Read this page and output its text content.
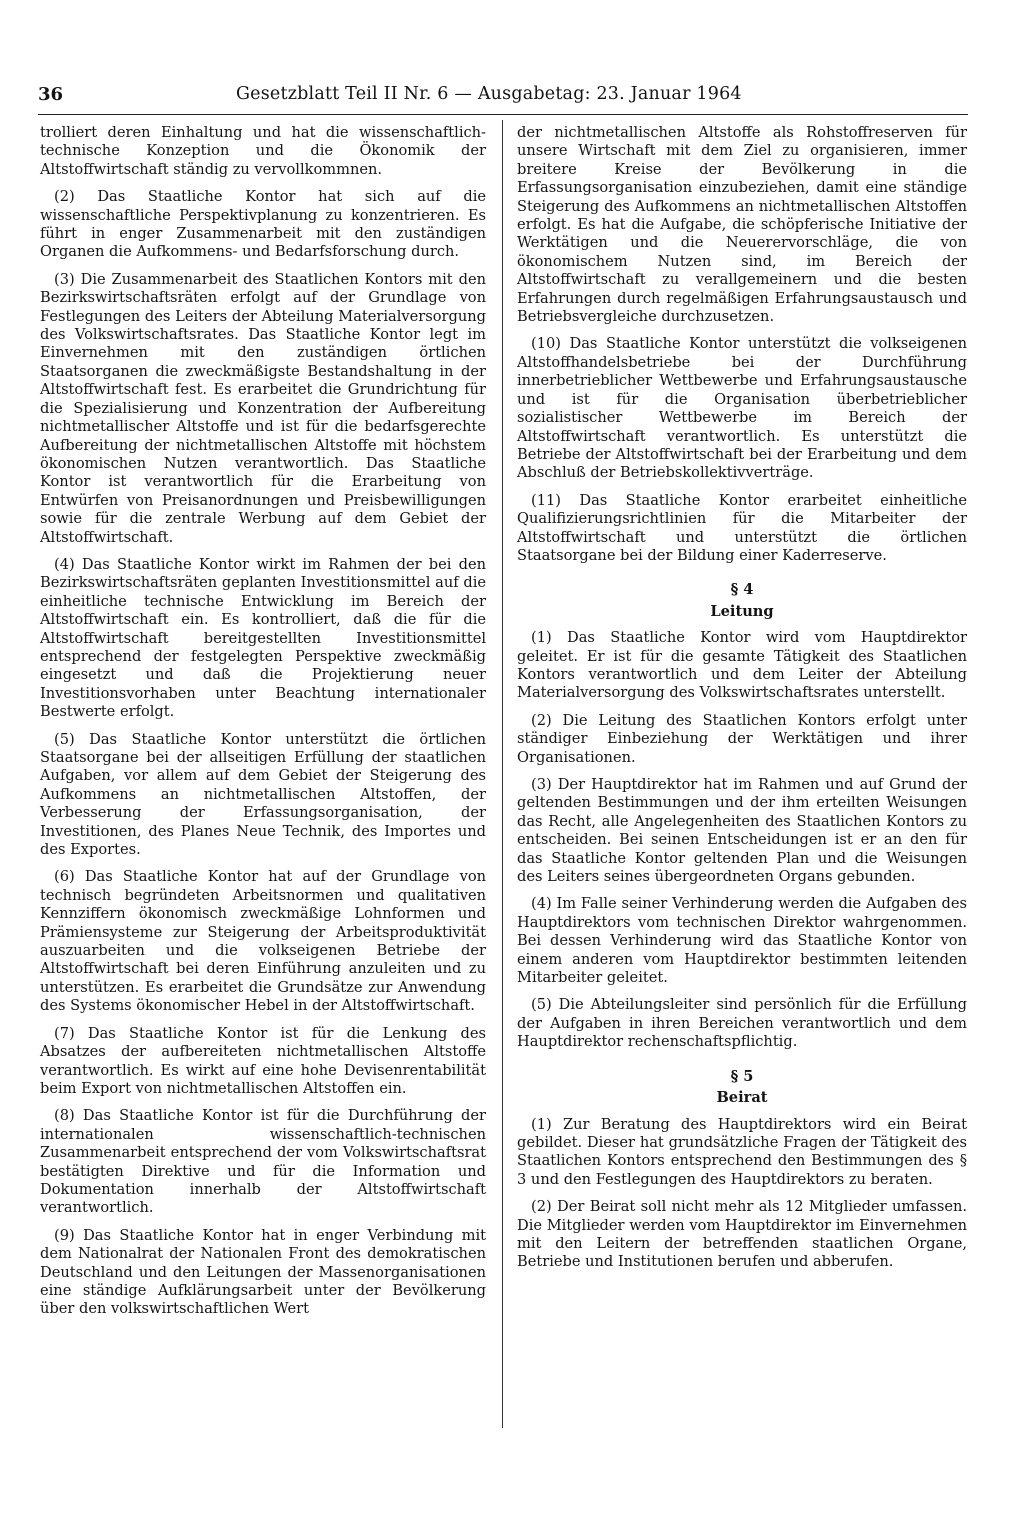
36	Gesetzblatt Teil II Nr. 6 — Ausgabetag: 23. Januar 1964

trolliert deren Einhaltung und hat die wissenschaftlich-technische Konzeption und die Ökonomik der Altstoffwirtschaft ständig zu vervollkommnen.

(2) Das Staatliche Kontor hat sich auf die wissenschaftliche Perspektivplanung zu konzentrieren. Es führt in enger Zusammenarbeit mit den zuständigen Organen die Aufkommens- und Bedarfsforschung durch.

(3) Die Zusammenarbeit des Staatlichen Kontors mit den Bezirkswirtschaftsräten erfolgt auf der Grundlage von Festlegungen des Leiters der Abteilung Materialversorgung des Volkswirtschaftsrates. Das Staatliche Kontor legt im Einvernehmen mit den zuständigen örtlichen Staatsorganen die zweckmäßigste Bestandshaltung in der Altstoffwirtschaft fest. Es erarbeitet die Grundrichtung für die Spezialisierung und Konzentration der Aufbereitung nichtmetallischer Altstoffe und ist für die bedarfsgerechte Aufbereitung der nichtmetallischen Altstoffe mit höchstem ökonomischen Nutzen verantwortlich. Das Staatliche Kontor ist verantwortlich für die Erarbeitung von Entwürfen von Preisanordnungen und Preisbewilligungen sowie für die zentrale Werbung auf dem Gebiet der Altstoffwirtschaft.

(4) Das Staatliche Kontor wirkt im Rahmen der bei den Bezirkswirtschaftsräten geplanten Investitionsmittel auf die einheitliche technische Entwicklung im Bereich der Altstoffwirtschaft ein. Es kontrolliert, daß die für die Altstoffwirtschaft bereitgestellten Investitionsmittel entsprechend der festgelegten Perspektive zweckmäßig eingesetzt und daß die Projektierung neuer Investitionsvorhaben unter Beachtung internationaler Bestwerte erfolgt.

(5) Das Staatliche Kontor unterstützt die örtlichen Staatsorgane bei der allseitigen Erfüllung der staatlichen Aufgaben, vor allem auf dem Gebiet der Steigerung des Aufkommens an nichtmetallischen Altstoffen, der Verbesserung der Erfassungsorganisation, der Investitionen, des Planes Neue Technik, des Importes und des Exportes.

(6) Das Staatliche Kontor hat auf der Grundlage von technisch begründeten Arbeitsnormen und qualitativen Kennziffern ökonomisch zweckmäßige Lohnformen und Prämiensysteme zur Steigerung der Arbeitsproduktivität auszuarbeiten und die volkseigenen Betriebe der Altstoffwirtschaft bei deren Einführung anzuleiten und zu unterstützen. Es erarbeitet die Grundsätze zur Anwendung des Systems ökonomischer Hebel in der Altstoffwirtschaft.

(7) Das Staatliche Kontor ist für die Lenkung des Absatzes der aufbereiteten nichtmetallischen Altstoffe verantwortlich. Es wirkt auf eine hohe Devisenrentabilität beim Export von nichtmetallischen Altstoffen ein.

(8) Das Staatliche Kontor ist für die Durchführung der internationalen wissenschaftlich-technischen Zusammenarbeit entsprechend der vom Volkswirtschaftsrat bestätigten Direktive und für die Information und Dokumentation innerhalb der Altstoffwirtschaft verantwortlich.

(9) Das Staatliche Kontor hat in enger Verbindung mit dem Nationalrat der Nationalen Front des demokratischen Deutschland und den Leitungen der Massenorganisationen eine ständige Aufklärungsarbeit unter der Bevölkerung über den volkswirtschaftlichen Wert

der nichtmetallischen Altstoffe als Rohstoffreserven für unsere Wirtschaft mit dem Ziel zu organisieren, immer breitere Kreise der Bevölkerung in die Erfassungsorganisation einzubeziehen, damit eine ständige Steigerung des Aufkommens an nichtmetallischen Altstoffen erfolgt. Es hat die Aufgabe, die schöpferische Initiative der Werktätigen und die Neuerervorschläge, die von ökonomischem Nutzen sind, im Bereich der Altstoffwirtschaft zu verallgemeinern und die besten Erfahrungen durch regelmäßigen Erfahrungsaustausch und Betriebsvergleiche durchzusetzen.

(10) Das Staatliche Kontor unterstützt die volkseigenen Altstoffhandelsbetriebe bei der Durchführung innerbetrieblicher Wettbewerbe und Erfahrungsaustausche und ist für die Organisation überbetrieblicher sozialistischer Wettbewerbe im Bereich der Altstoffwirtschaft verantwortlich. Es unterstützt die Betriebe der Altstoffwirtschaft bei der Erarbeitung und dem Abschluß der Betriebskollektivverträge.

(11) Das Staatliche Kontor erarbeitet einheitliche Qualifizierungsrichtlinien für die Mitarbeiter der Altstoffwirtschaft und unterstützt die örtlichen Staatsorgane bei der Bildung einer Kaderreserve.

§ 4
Leitung

(1) Das Staatliche Kontor wird vom Hauptdirektor geleitet. Er ist für die gesamte Tätigkeit des Staatlichen Kontors verantwortlich und dem Leiter der Abteilung Materialversorgung des Volkswirtschaftsrates unterstellt.

(2) Die Leitung des Staatlichen Kontors erfolgt unter ständiger Einbeziehung der Werktätigen und ihrer Organisationen.

(3) Der Hauptdirektor hat im Rahmen und auf Grund der geltenden Bestimmungen und der ihm erteilten Weisungen das Recht, alle Angelegenheiten des Staatlichen Kontors zu entscheiden. Bei seinen Entscheidungen ist er an den für das Staatliche Kontor geltenden Plan und die Weisungen des Leiters seines übergeordneten Organs gebunden.

(4) Im Falle seiner Verhinderung werden die Aufgaben des Hauptdirektors vom technischen Direktor wahrgenommen. Bei dessen Verhinderung wird das Staatliche Kontor von einem anderen vom Hauptdirektor bestimmten leitenden Mitarbeiter geleitet.

(5) Die Abteilungsleiter sind persönlich für die Erfüllung der Aufgaben in ihren Bereichen verantwortlich und dem Hauptdirektor rechenschaftspflichtig.

§ 5
Beirat

(1) Zur Beratung des Hauptdirektors wird ein Beirat gebildet. Dieser hat grundsätzliche Fragen der Tätigkeit des Staatlichen Kontors entsprechend den Bestimmungen des § 3 und den Festlegungen des Hauptdirektors zu beraten.

(2) Der Beirat soll nicht mehr als 12 Mitglieder umfassen. Die Mitglieder werden vom Hauptdirektor im Einvernehmen mit den Leitern der betreffenden staatlichen Organe, Betriebe und Institutionen berufen und abberufen.
